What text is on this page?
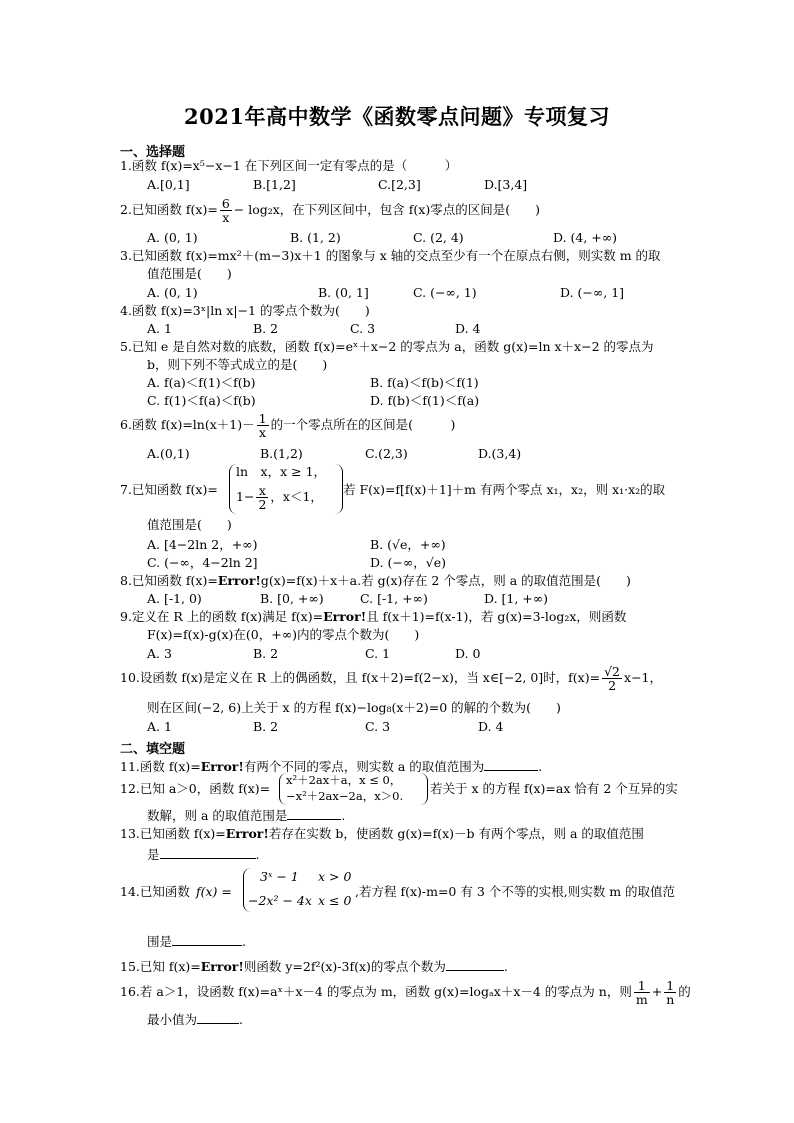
2021年高中数学《函数零点问题》专项复习
一、选择题
1.函数 f(x)=x⁵−x−1 在下列区间一定有零点的是（　　　）
A.[0,1]	B.[1,2]	C.[2,3]	D.[3,4]
2.已知函数 $f(x)= \frac{6}{x} - \log_2x$，在下列区间中，包含 f(x)零点的区间是(　　)
A. (0, 1)	B. (1, 2)	C. (2, 4)	D. (4, +∞)
3.已知函数 f(x)=mx²＋(m−3)x＋1 的图象与 x 轴的交点至少有一个在原点右侧，则实数 m 的取
值范围是(　　)
A. (0, 1)	B. (0, 1]	C. (−∞, 1)	D. (−∞, 1]
4.函数 f(x)=3ˣ|ln x|−1 的零点个数为(　　)
A. 1	B. 2	C. 3	D. 4
5.已知 e 是自然对数的底数，函数 f(x)=eˣ＋x−2 的零点为 a，函数 g(x)=ln x＋x−2 的零点为
b，则下列不等式成立的是(　　)
A. f(a)＜f(1)＜f(b)	B. f(a)＜f(b)＜f(1)
C. f(1)＜f(a)＜f(b)	D. f(b)＜f(1)＜f(a)
6.函数 $f(x)=\ln(x+1)- \frac{1}{x}$ 的一个零点所在的区间是(　　　)
A.(0,1)	B.(1,2)	C.(2,3)	D.(3,4)
7.已知函数 f(x)=
ln　x，x ≥ 1，
$1- \frac{x}{2}$ ，x＜1， 若 F(x)=f[f(x)＋1]＋m 有两个零点 x₁，x₂，则 x₁·x₂的取
值范围是(　　)
A. [4−2ln 2，+∞)	B. (√e，+∞)
C. (−∞，4−2ln 2]	D. (−∞，√e)
8.已知函数 f(x)=Error!g(x)=f(x)＋x＋a.若 g(x)存在 2 个零点，则 a 的取值范围是(　　)
A. [-1, 0)	B. [0, +∞)	C. [-1, +∞)	D. [1, +∞)
9.定义在 R 上的函数 f(x)满足 f(x)=Error!且 f(x＋1)=f(x-1)，若 g(x)=3-log₂x，则函数
F(x)=f(x)-g(x)在(0，+∞)内的零点个数为(　　)
A. 3	B. 2	C. 1	D. 0
10.设函数 f(x)是定义在 R 上的偶函数，且 f(x＋2)=f(2−x)，当 x∈[−2, 0]时，$f(x)= \frac{√2}{2} x-1$，
则在区间(−2, 6)上关于 x 的方程 f(x)−log₈(x＋2)=0 的解的个数为(　　)
A. 1	B. 2	C. 3	D. 4
二、填空题
11.函数 f(x)=Error!有两个不同的零点，则实数 a 的取值范围为	.
12.已知 a＞0，函数 f(x)=
x²＋2ax＋a，x ≤ 0，
−x²＋2ax−2a，x＞0. 若关于 x 的方程 f(x)=ax 恰有 2 个互异的实
数解，则 a 的取值范围是	.
13.已知函数 f(x)=Error!若存在实数 b，使函数 g(x)=f(x)－b 有两个零点，则 a 的取值范围
是	.
14.已知函数 f(x) =
3ˣ − 1 x > 0
−2x² − 4x x ≤ 0
,若方程 f(x)-m=0 有 3 个不等的实根,则实数 m 的取值范
围是	.
15.已知 f(x)=Error!则函数 y=2f²(x)-3f(x)的零点个数为	.
16.若 a＞1，设函数 f(x)=aˣ＋x－4 的零点为 m，函数 g(x)=logₐx＋x－4 的零点为 n，则 $\frac{1}{m} + \frac{1}{n}$ 的
最小值为	.
